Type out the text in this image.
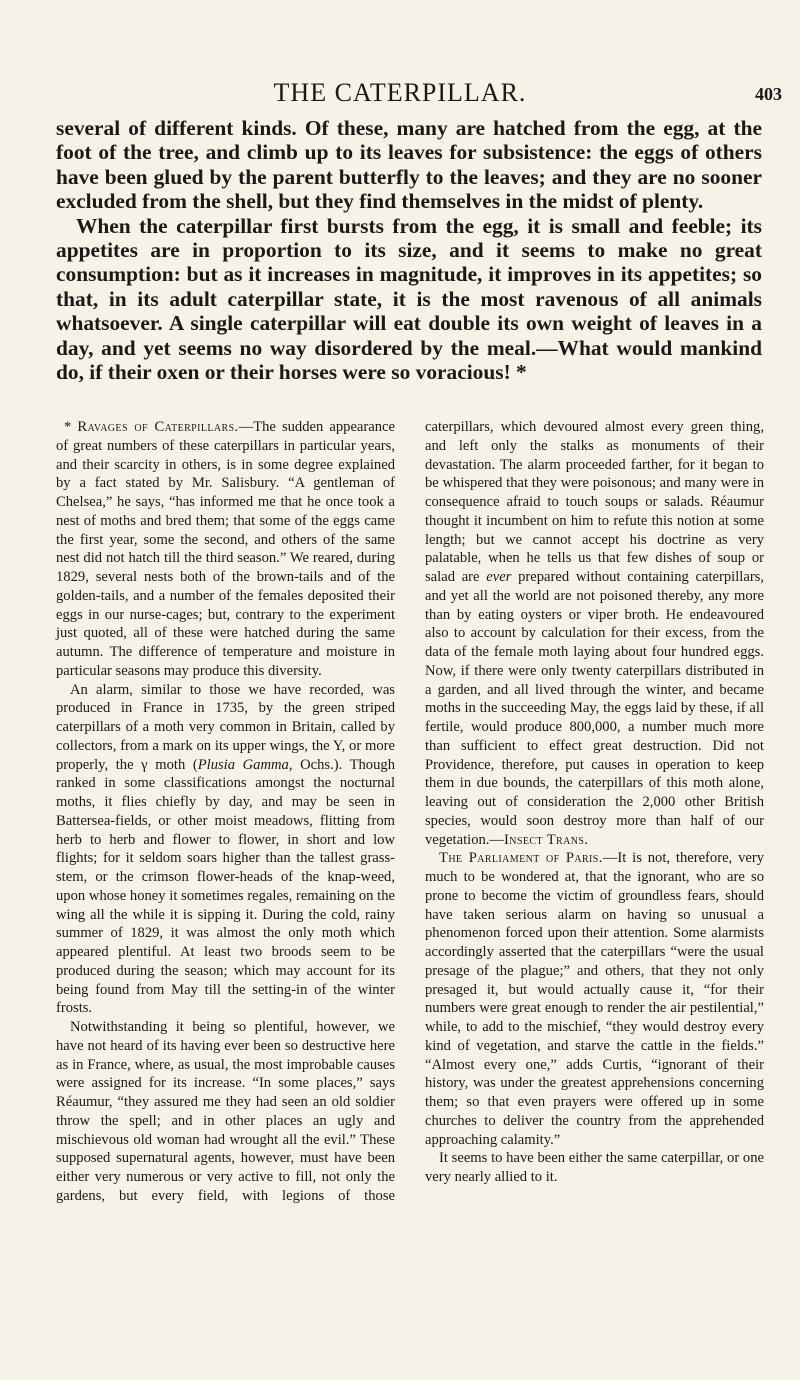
THE CATERPILLAR.	403

several of different kinds. Of these, many are hatched from the egg, at the foot of the tree, and climb up to its leaves for subsistence: the eggs of others have been glued by the parent butterfly to the leaves; and they are no sooner excluded from the shell, but they find themselves in the midst of plenty.

When the caterpillar first bursts from the egg, it is small and feeble; its appetites are in proportion to its size, and it seems to make no great consumption: but as it increases in magnitude, it improves in its appetites; so that, in its adult caterpillar state, it is the most ravenous of all animals whatsoever. A single caterpillar will eat double its own weight of leaves in a day, and yet seems no way disordered by the meal.—What would mankind do, if their oxen or their horses were so voracious! *

* Ravages of Caterpillars.—The sudden appearance of great numbers of these caterpillars in particular years, and their scarcity in others, is in some degree explained by a fact stated by Mr. Salisbury. “A gentleman of Chelsea,” he says, “has informed me that he once took a nest of moths and bred them; that some of the eggs came the first year, some the second, and others of the same nest did not hatch till the third season.” We reared, during 1829, several nests both of the brown-tails and of the golden-tails, and a number of the females deposited their eggs in our nurse-cages; but, contrary to the experiment just quoted, all of these were hatched during the same autumn. The difference of temperature and moisture in particular seasons may produce this diversity.

An alarm, similar to those we have recorded, was produced in France in 1735, by the green striped caterpillars of a moth very common in Britain, called by collectors, from a mark on its upper wings, the Y, or more properly, the γ moth (Plusia Gamma, Ochs.). Though ranked in some classifications amongst the nocturnal moths, it flies chiefly by day, and may be seen in Battersea-fields, or other moist meadows, flitting from herb to herb and flower to flower, in short and low flights; for it seldom soars higher than the tallest grass-stem, or the crimson flower-heads of the knap-weed, upon whose honey it sometimes regales, remaining on the wing all the while it is sipping it. During the cold, rainy summer of 1829, it was almost the only moth which appeared plentiful. At least two broods seem to be produced during the season; which may account for its being found from May till the setting-in of the winter frosts.

Notwithstanding it being so plentiful, however, we have not heard of its having ever been so destructive here as in France, where, as usual, the most improbable causes were assigned for its increase. “In some places,” says Réaumur, “they assured me they had seen an old soldier throw the spell; and in other places an ugly and mischievous old woman had wrought all the evil.” These supposed supernatural agents, however, must have been either very numerous or very active to fill, not only the gardens, but every field, with legions of those caterpillars, which devoured almost every green thing, and left only the stalks as monuments of their devastation. The alarm proceeded farther, for it began to be whispered that they were poisonous; and many were in consequence afraid to touch soups or salads. Réaumur thought it incumbent on him to refute this notion at some length; but we cannot accept his doctrine as very palatable, when he tells us that few dishes of soup or salad are ever prepared without containing caterpillars, and yet all the world are not poisoned thereby, any more than by eating oysters or viper broth. He endeavoured also to account by calculation for their excess, from the data of the female moth laying about four hundred eggs. Now, if there were only twenty caterpillars distributed in a garden, and all lived through the winter, and became moths in the succeeding May, the eggs laid by these, if all fertile, would produce 800,000, a number much more than sufficient to effect great destruction. Did not Providence, therefore, put causes in operation to keep them in due bounds, the caterpillars of this moth alone, leaving out of consideration the 2,000 other British species, would soon destroy more than half of our vegetation.—Insect Trans.

The Parliament of Paris.—It is not, therefore, very much to be wondered at, that the ignorant, who are so prone to become the victim of groundless fears, should have taken serious alarm on having so unusual a phenomenon forced upon their attention. Some alarmists accordingly asserted that the caterpillars “were the usual presage of the plague;” and others, that they not only presaged it, but would actually cause it, “for their numbers were great enough to render the air pestilential,” while, to add to the mischief, “they would destroy every kind of vegetation, and starve the cattle in the fields.” “Almost every one,” adds Curtis, “ignorant of their history, was under the greatest apprehensions concerning them; so that even prayers were offered up in some churches to deliver the country from the apprehended approaching calamity.”

It seems to have been either the same caterpillar, or one very nearly allied to it.
